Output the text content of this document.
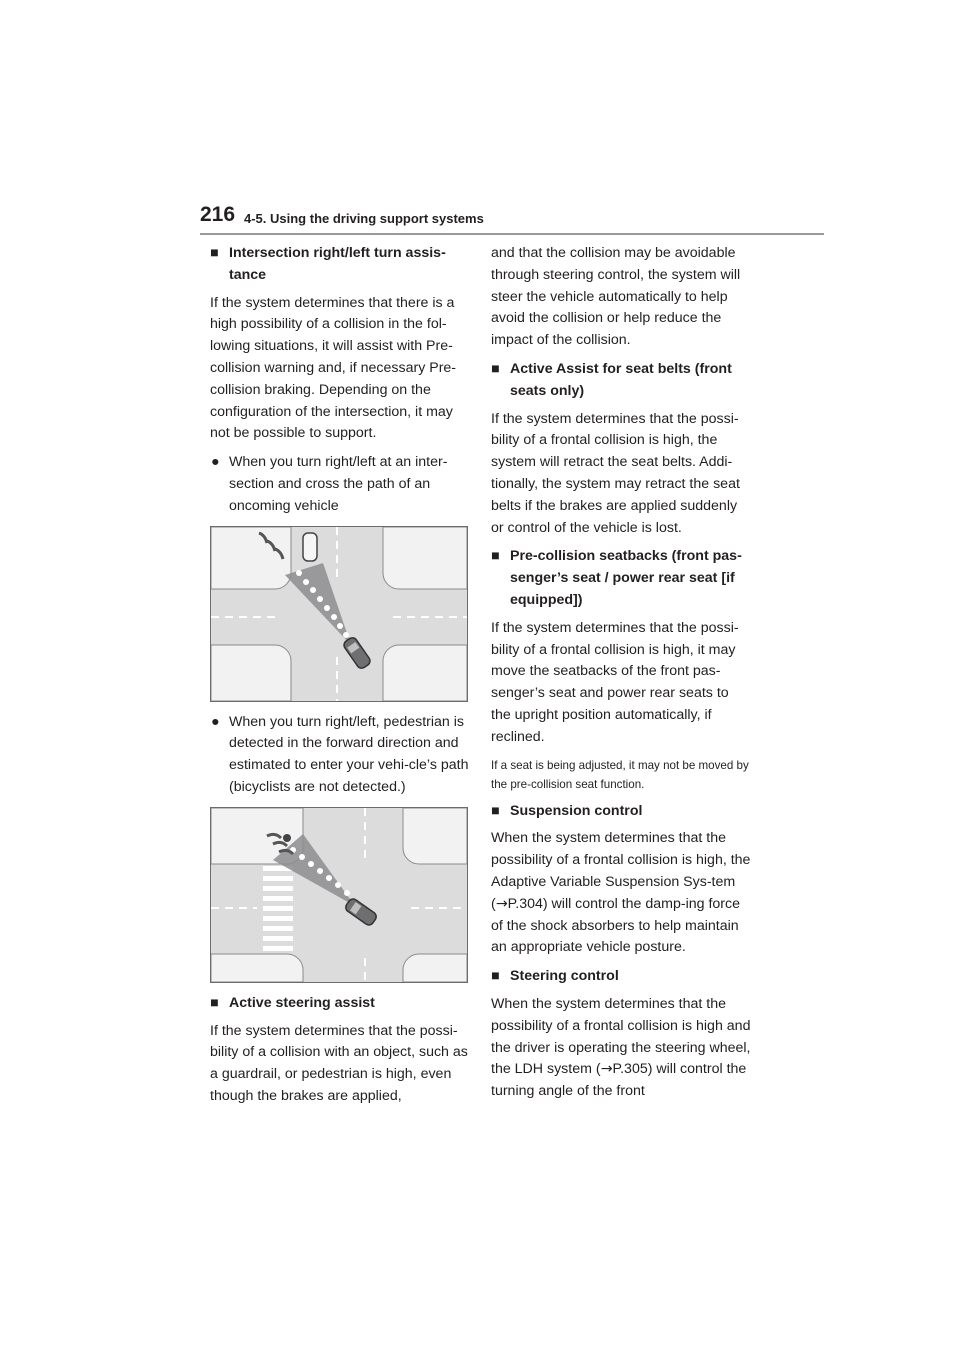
216 4-5. Using the driving support systems
■ Intersection right/left turn assis-tance

If the system determines that there is a high possibility of a collision in the fol-lowing situations, it will assist with Pre-collision warning and, if necessary Pre-collision braking. Depending on the configuration of the intersection, it may not be possible to support.

● When you turn right/left at an inter-section and cross the path of an oncoming vehicle
● When you turn right/left, pedestrian is detected in the forward direction and estimated to enter your vehi-cle’s path (bicyclists are not detected.)
■ Active steering assist

If the system determines that the possi-bility of a collision with an object, such as a guardrail, or pedestrian is high, even though the brakes are applied,

and that the collision may be avoidable through steering control, the system will steer the vehicle automatically to help avoid the collision or help reduce the impact of the collision.

■ Active Assist for seat belts (front seats only)

If the system determines that the possi-bility of a frontal collision is high, the system will retract the seat belts. Addi-tionally, the system may retract the seat belts if the brakes are applied suddenly or control of the vehicle is lost.

■ Pre-collision seatbacks (front pas-senger’s seat / power rear seat [if equipped])

If the system determines that the possi-bility of a frontal collision is high, it may move the seatbacks of the front pas-senger’s seat and power rear seats to the upright position automatically, if reclined.

If a seat is being adjusted, it may not be moved by the pre-collision seat function.

■ Suspension control

When the system determines that the possibility of a frontal collision is high, the Adaptive Variable Suspension Sys-tem (→P.304) will control the damp-ing force of the shock absorbers to help maintain an appropriate vehicle posture.

■ Steering control

When the system determines that the possibility of a frontal collision is high and the driver is operating the steering wheel, the LDH system (→P.305) will control the turning angle of the front
